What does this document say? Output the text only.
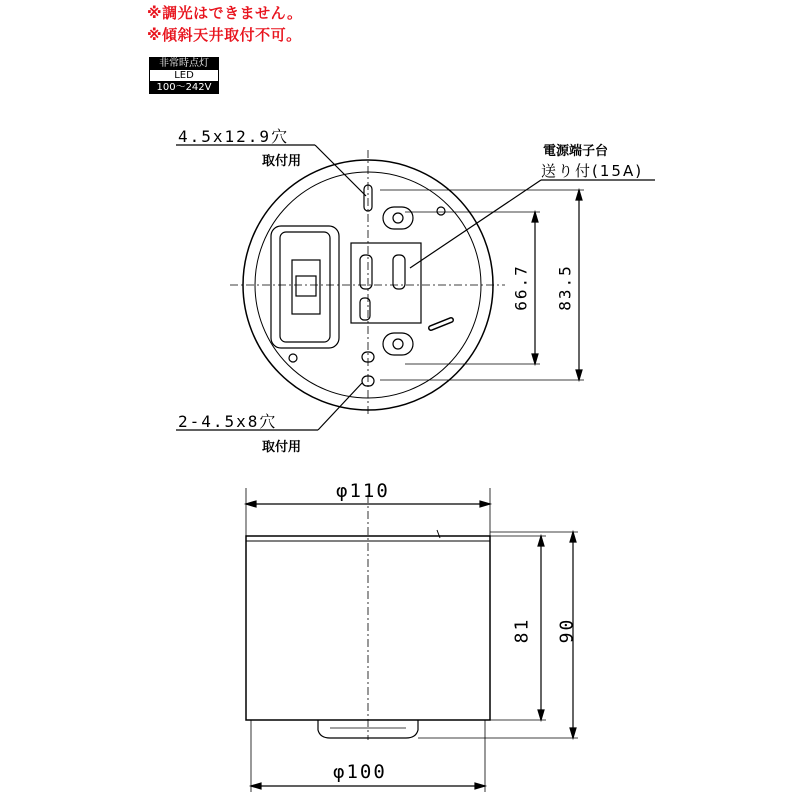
※調光はできません。
※傾斜天井取付不可。
非常時点灯
LED
100〜242V
4.5x12.9穴
取付用
電源端子台
送り付(15A)
2-4.5x8穴
取付用
66.7 83.5
φ110
φ100
81 90
